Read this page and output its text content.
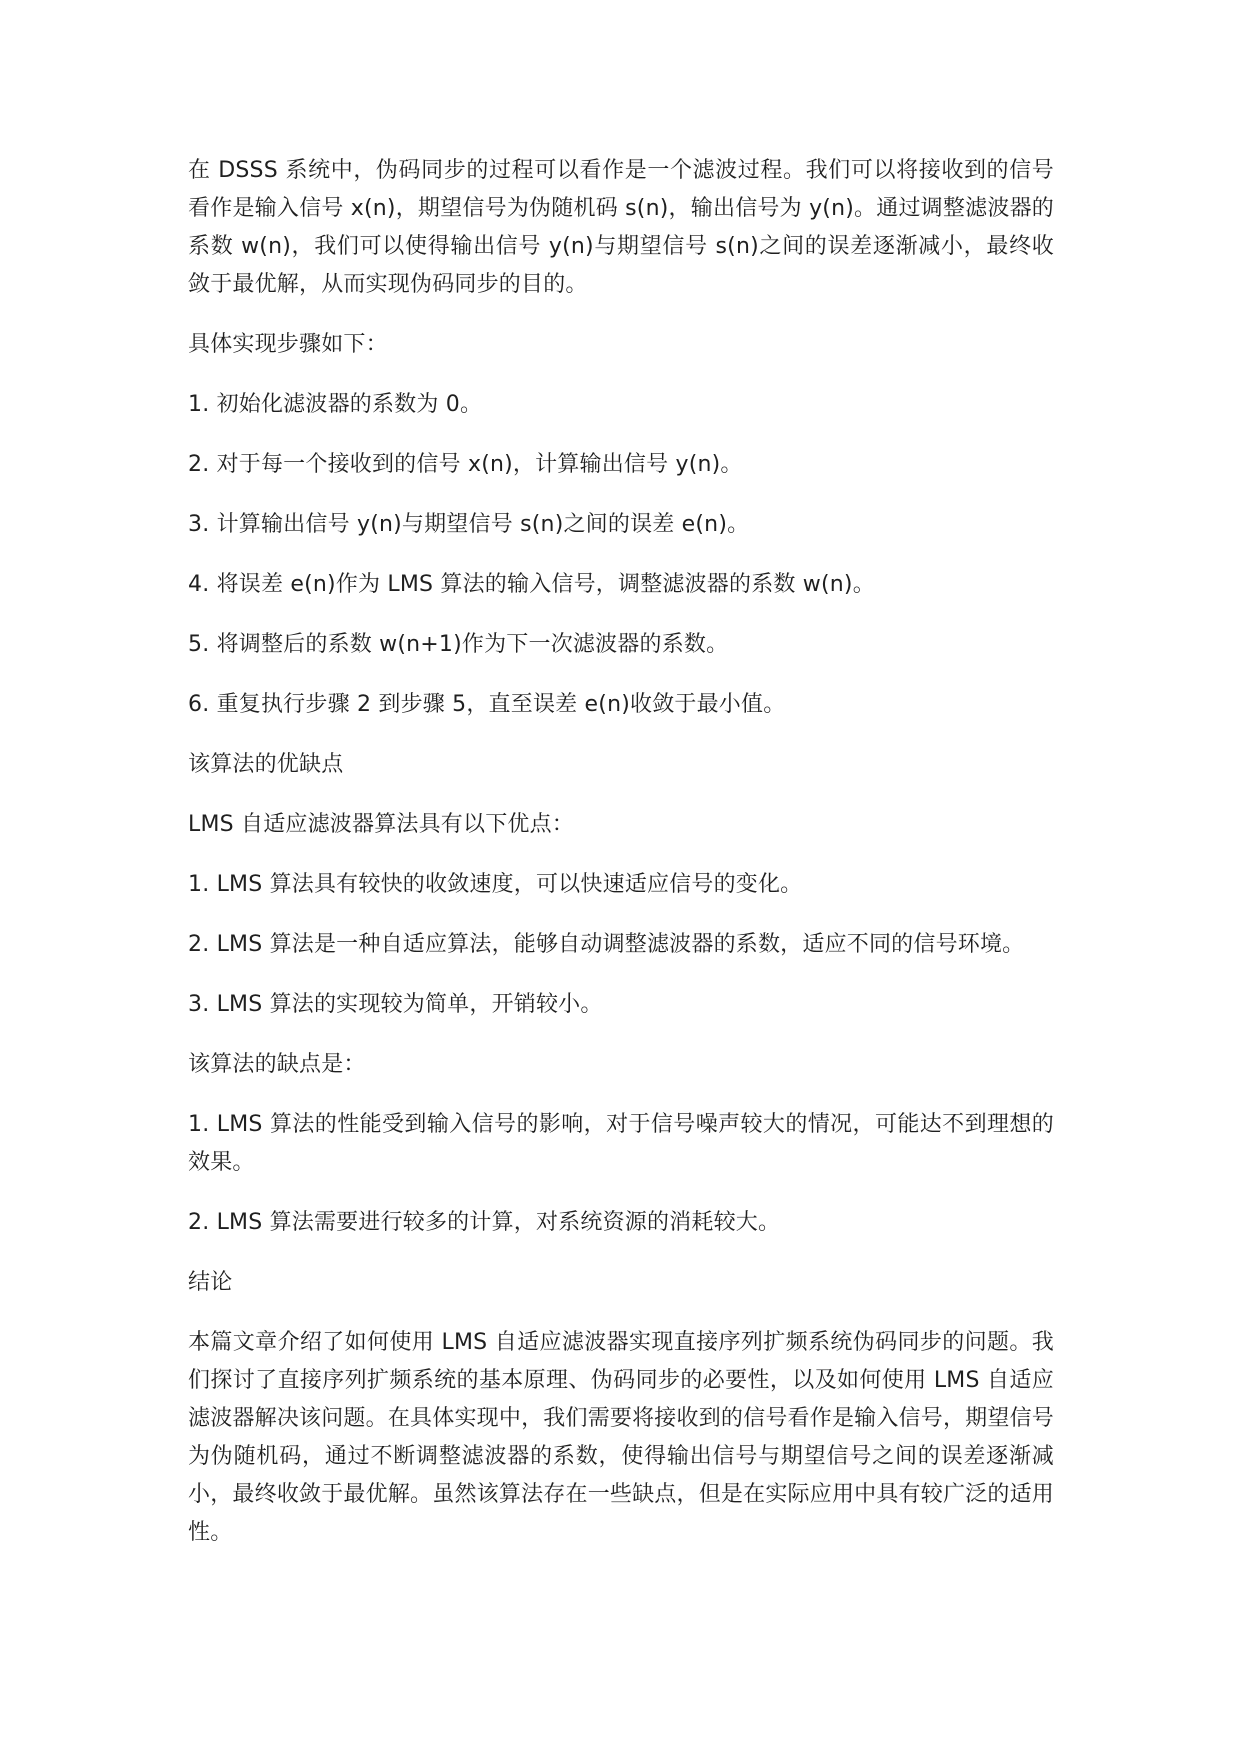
在 DSSS 系统中，伪码同步的过程可以看作是一个滤波过程。我们可以将接收到的信号看作是输入信号 x(n)，期望信号为伪随机码 s(n)，输出信号为 y(n)。通过调整滤波器的系数 w(n)，我们可以使得输出信号 y(n)与期望信号 s(n)之间的误差逐渐减小，最终收敛于最优解，从而实现伪码同步的目的。

具体实现步骤如下：

1. 初始化滤波器的系数为 0。

2. 对于每一个接收到的信号 x(n)，计算输出信号 y(n)。

3. 计算输出信号 y(n)与期望信号 s(n)之间的误差 e(n)。

4. 将误差 e(n)作为 LMS 算法的输入信号，调整滤波器的系数 w(n)。

5. 将调整后的系数 w(n+1)作为下一次滤波器的系数。

6. 重复执行步骤 2 到步骤 5，直至误差 e(n)收敛于最小值。

该算法的优缺点

LMS 自适应滤波器算法具有以下优点：

1. LMS 算法具有较快的收敛速度，可以快速适应信号的变化。

2. LMS 算法是一种自适应算法，能够自动调整滤波器的系数，适应不同的信号环境。

3. LMS 算法的实现较为简单，开销较小。

该算法的缺点是：

1. LMS 算法的性能受到输入信号的影响，对于信号噪声较大的情况，可能达不到理想的效果。

2. LMS 算法需要进行较多的计算，对系统资源的消耗较大。

结论

本篇文章介绍了如何使用 LMS 自适应滤波器实现直接序列扩频系统伪码同步的问题。我们探讨了直接序列扩频系统的基本原理、伪码同步的必要性，以及如何使用 LMS 自适应滤波器解决该问题。在具体实现中，我们需要将接收到的信号看作是输入信号，期望信号为伪随机码，通过不断调整滤波器的系数，使得输出信号与期望信号之间的误差逐渐减小，最终收敛于最优解。虽然该算法存在一些缺点，但是在实际应用中具有较广泛的适用性。
